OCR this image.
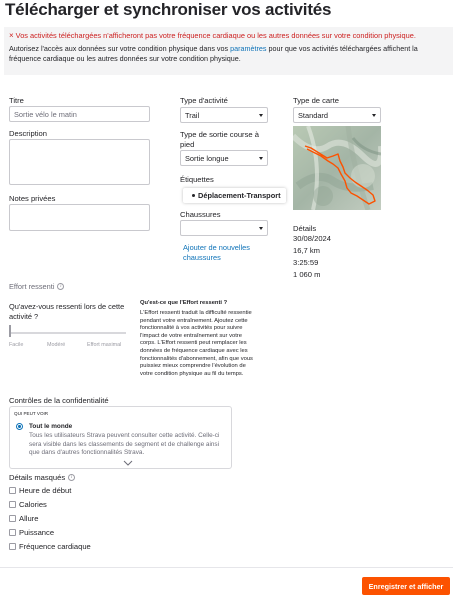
Télécharger et synchroniser vos activités
× Vos activités téléchargées n'afficheront pas votre fréquence cardiaque ou les autres données sur votre condition physique.
Autorisez l'accès aux données sur votre condition physique dans vos paramètres pour que vos activités téléchargées affichent la fréquence cardiaque ou les autres données sur votre condition physique.
Titre
Sortie vélo le matin
Description
Notes privées
Type d'activité
Trail
Type de sortie course à pied
Sortie longue
Étiquettes
Déplacement-Transport
Chaussures
Ajouter de nouvelles chaussures
Type de carte
Standard
Détails
30/08/2024
16,7 km
3:25:59
1 060 m
Effort ressenti	i
Qu'avez-vous ressenti lors de cette activité ?
Facile	Modéré	Effort maximal
Qu'est-ce que l'Effort ressenti ?
L'Effort ressenti traduit la difficulté ressentie pendant votre entraînement. Ajoutez cette fonctionnalité à vos activités pour suivre l'impact de votre entraînement sur votre corps. L'Effort ressenti peut remplacer les données de fréquence cardiaque avec les fonctionnalités d'abonnement, afin que vous puissiez mieux comprendre l'évolution de votre condition physique au fil du temps.
Contrôles de la confidentialité
QUI PEUT VOIR
Tout le monde
Tous les utilisateurs Strava peuvent consulter cette activité. Celle-ci sera visible dans les classements de segment et de challenge ainsi que dans d'autres fonctionnalités Strava.
Détails masqués	i
Heure de début
Calories
Allure
Puissance
Fréquence cardiaque
Enregistrer et afficher
